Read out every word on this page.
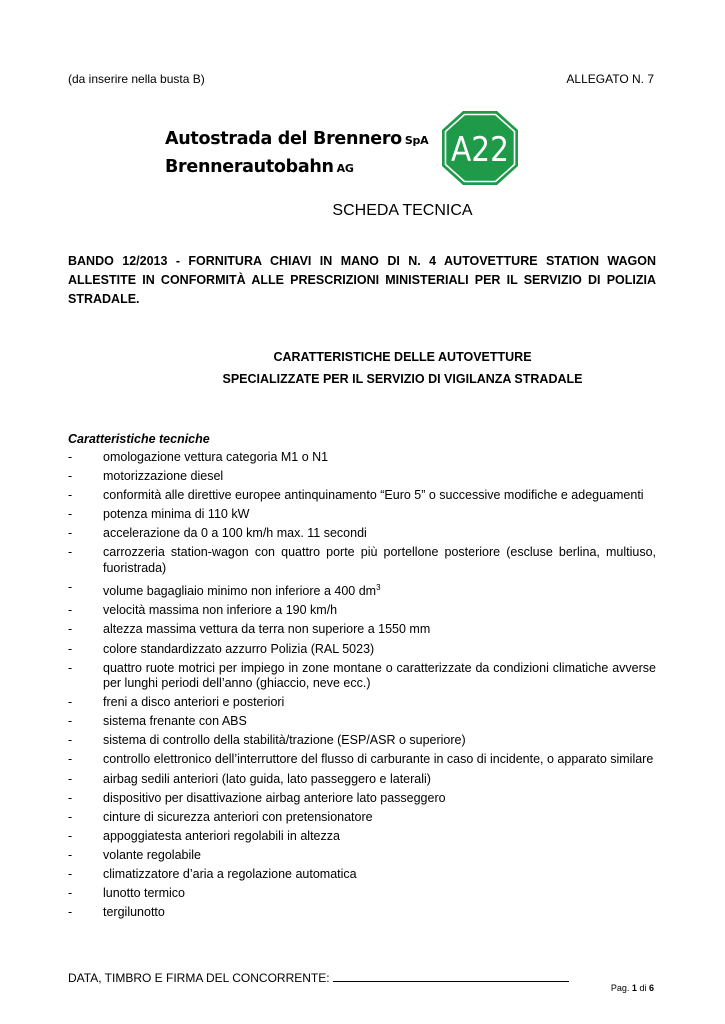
(da inserire nella busta B)	ALLEGATO N. 7
Autostrada del Brennero SpA
Brennerautobahn AG	A22
SCHEDA TECNICA
BANDO 12/2013 - FORNITURA CHIAVI IN MANO DI N. 4 AUTOVETTURE STATION WAGON ALLESTITE IN CONFORMITÀ ALLE PRESCRIZIONI MINISTERIALI PER IL SERVIZIO DI POLIZIA STRADALE.
CARATTERISTICHE DELLE AUTOVETTURE
SPECIALIZZATE PER IL SERVIZIO DI VIGILANZA STRADALE
Caratteristiche tecniche
- omologazione vettura categoria M1 o N1
- motorizzazione diesel
- conformità alle direttive europee antinquinamento “Euro 5” o successive modifiche e adeguamenti
- potenza minima di 110 kW
- accelerazione da 0 a 100 km/h max. 11 secondi
- carrozzeria station-wagon con quattro porte più portellone posteriore (escluse berlina, multiuso, fuoristrada)
- volume bagagliaio minimo non inferiore a 400 $dm^3$
- velocità massima non inferiore a 190 km/h
- altezza massima vettura da terra non superiore a 1550 mm
- colore standardizzato azzurro Polizia (RAL 5023)
- quattro ruote motrici per impiego in zone montane o caratterizzate da condizioni climatiche avverse per lunghi periodi dell’anno (ghiaccio, neve ecc.)
- freni a disco anteriori e posteriori
- sistema frenante con ABS
- sistema di controllo della stabilità/trazione (ESP/ASR o superiore)
- controllo elettronico dell’interruttore del flusso di carburante in caso di incidente, o apparato similare
- airbag sedili anteriori (lato guida, lato passeggero e laterali)
- dispositivo per disattivazione airbag anteriore lato passeggero
- cinture di sicurezza anteriori con pretensionatore
- appoggiatesta anteriori regolabili in altezza
- volante regolabile
- climatizzatore d’aria a regolazione automatica
- lunotto termico
- tergilunotto
DATA, TIMBRO E FIRMA DEL CONCORRENTE:
Pag. 1 di 6
